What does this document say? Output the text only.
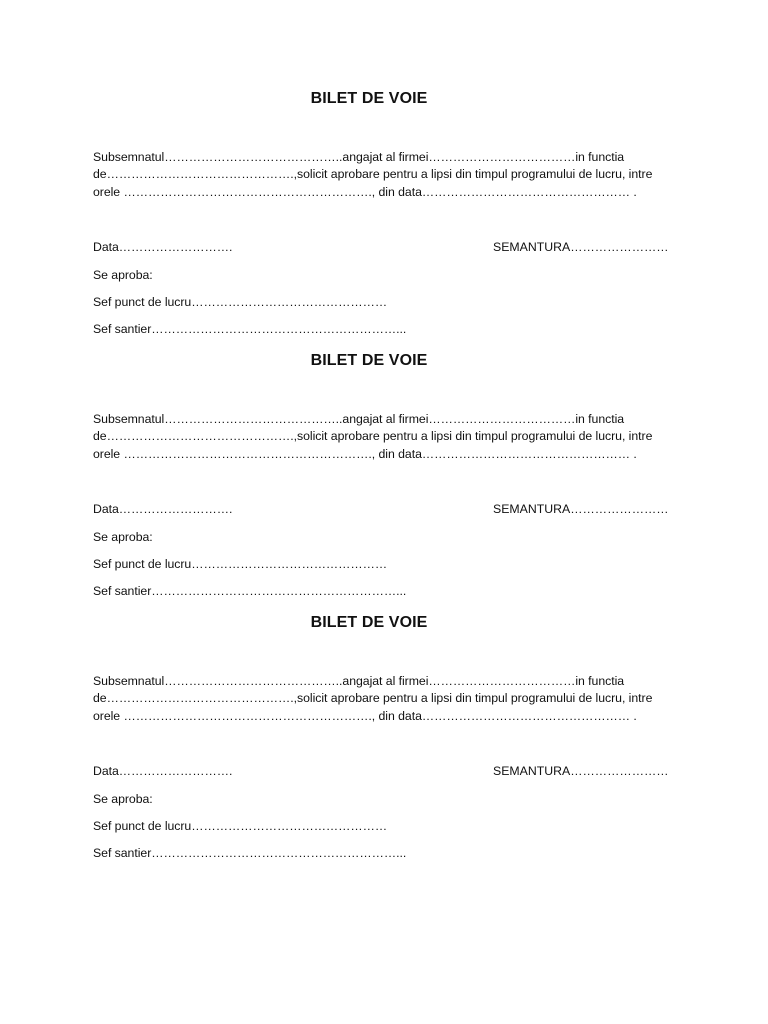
BILET DE VOIE
Subsemnatul……………………………………..angajat al firmei………………………………in functia
de……………………………………….,solicit aprobare pentru a lipsi din timpul programului de lucru, intre
orele ……………………………………………………., din data…………………………………………… .
Data……………………….	SEMANTURA……………………
Se aproba:
Sef punct de lucru…………………………………………
Sef santier……………………………………………………...
BILET DE VOIE
Subsemnatul……………………………………..angajat al firmei………………………………in functia
de……………………………………….,solicit aprobare pentru a lipsi din timpul programului de lucru, intre
orele ……………………………………………………., din data…………………………………………… .
Data……………………….	SEMANTURA……………………
Se aproba:
Sef punct de lucru…………………………………………
Sef santier……………………………………………………...
BILET DE VOIE
Subsemnatul……………………………………..angajat al firmei………………………………in functia
de……………………………………….,solicit aprobare pentru a lipsi din timpul programului de lucru, intre
orele ……………………………………………………., din data…………………………………………… .
Data……………………….	SEMANTURA……………………
Se aproba:
Sef punct de lucru…………………………………………
Sef santier……………………………………………………...
